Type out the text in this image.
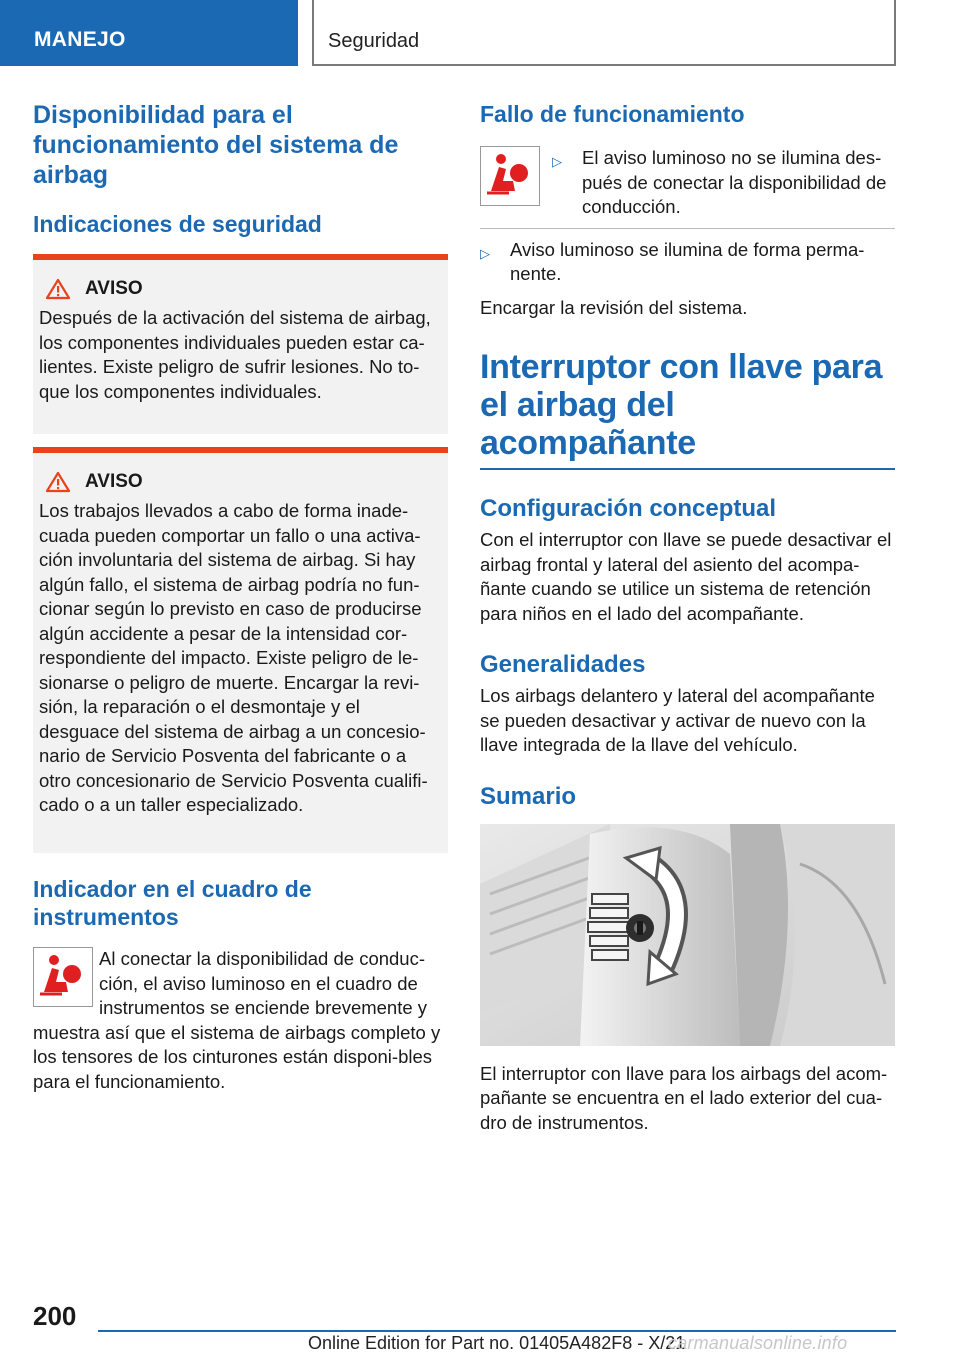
MANEJO	Seguridad
Disponibilidad para el funcionamiento del sistema de airbag
Indicaciones de seguridad
AVISO

Después de la activación del sistema de airbag, los componentes individuales pueden estar ca-lientes. Existe peligro de sufrir lesiones. No to-que los componentes individuales.

AVISO

Los trabajos llevados a cabo de forma inade-cuada pueden comportar un fallo o una activa-ción involuntaria del sistema de airbag. Si hay algún fallo, el sistema de airbag podría no fun-cionar según lo previsto en caso de producirse algún accidente a pesar de la intensidad cor-respondiente del impacto. Existe peligro de le-sionarse o peligro de muerte. Encargar la revi-sión, la reparación o el desmontaje y el desguace del sistema de airbag a un concesio-nario de Servicio Posventa del fabricante o a otro concesionario de Servicio Posventa cualifi-cado o a un taller especializado.

Indicador en el cuadro de instrumentos

Al conectar la disponibilidad de conduc-ción, el aviso luminoso en el cuadro de instrumentos se enciende brevemente y

muestra así que el sistema de airbags completo y los tensores de los cinturones están disponi-bles para el funcionamiento.

Fallo de funcionamiento
▷ El aviso luminoso no se ilumina des-pués de conectar la disponibilidad de conducción.
▷ Aviso luminoso se ilumina de forma perma-nente.

Encargar la revisión del sistema.

Interruptor con llave para el airbag del acompañante
Configuración conceptual

Con el interruptor con llave se puede desactivar el airbag frontal y lateral del asiento del acompa-ñante cuando se utilice un sistema de retención para niños en el lado del acompañante.

Generalidades

Los airbags delantero y lateral del acompañante se pueden desactivar y activar de nuevo con la llave integrada de la llave del vehículo.

Sumario

El interruptor con llave para los airbags del acom-pañante se encuentra en el lado exterior del cua-dro de instrumentos.

200
Online Edition for Part no. 01405A482F8 - X/21
carmanualsonline.info
